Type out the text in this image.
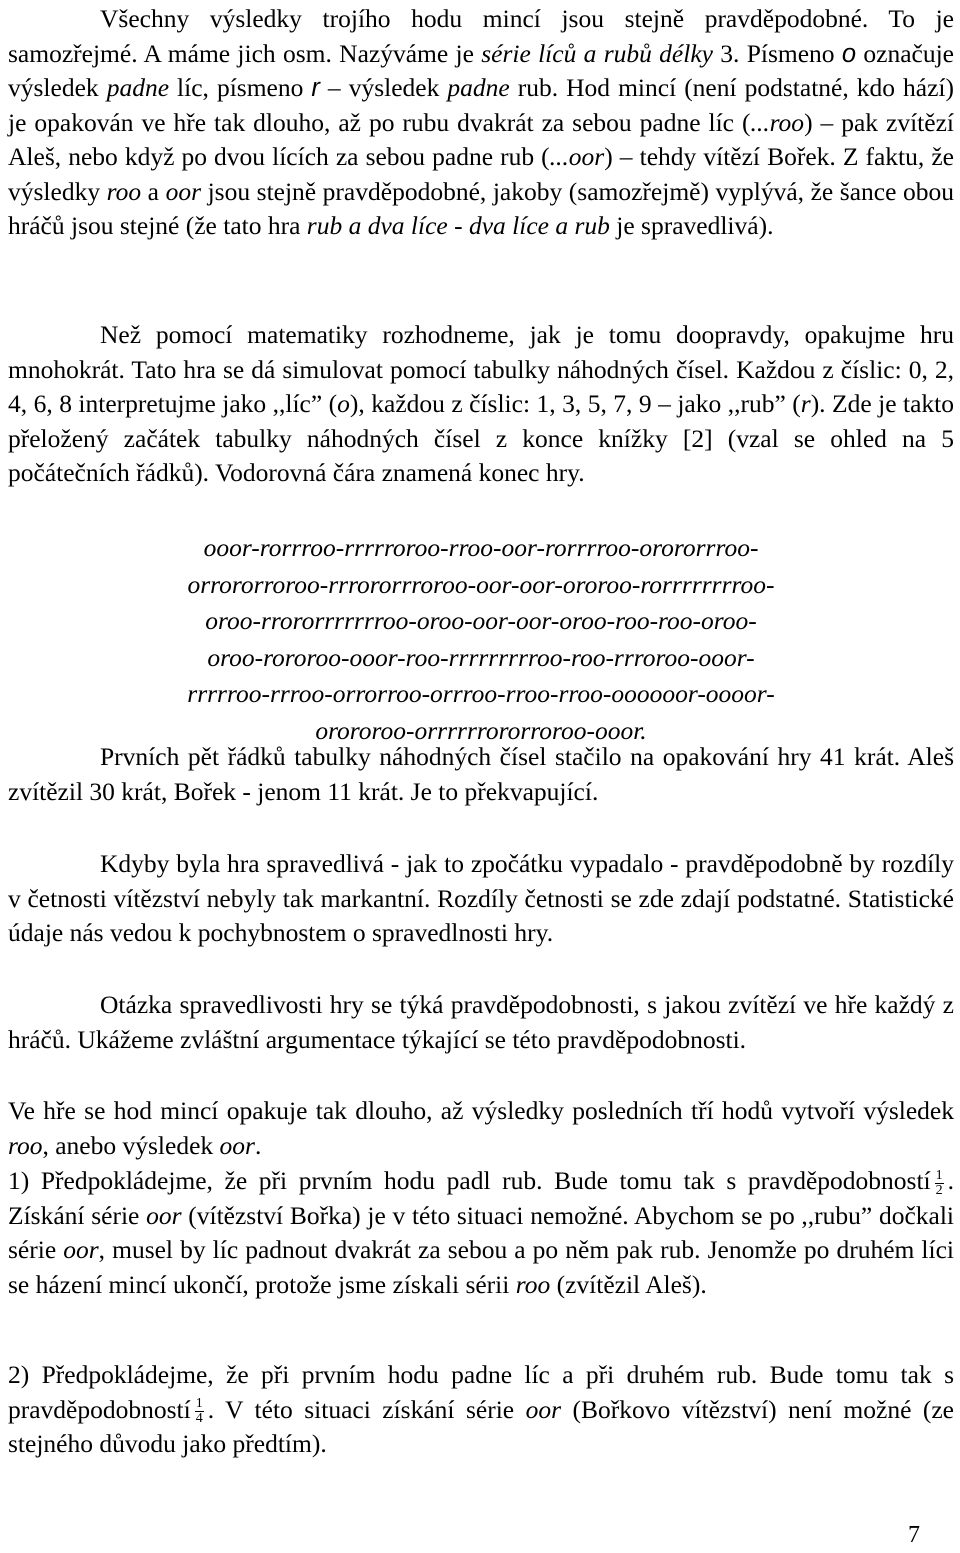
Všechny výsledky trojího hodu mincí jsou stejně pravděpodobné. To je samozřejmé. A máme jich osm. Nazýváme je série líců a rubů délky 3. Písmeno o označuje výsledek padne líc, písmeno r – výsledek padne rub. Hod mincí (není podstatné, kdo hází) je opakován ve hře tak dlouho, až po rubu dvakrát za sebou padne líc (...roo) – pak zvítězí Aleš, nebo když po dvou lících za sebou padne rub (...oor) – tehdy vítězí Bořek. Z faktu, že výsledky roo a oor jsou stejně pravděpodobné, jakoby (samozřejmě) vyplývá, že šance obou hráčů jsou stejné (že tato hra rub a dva líce - dva líce a rub je spravedlivá).

Než pomocí matematiky rozhodneme, jak je tomu doopravdy, opakujme hru mnohokrát. Tato hra se dá simulovat pomocí tabulky náhodných čísel. Každou z číslic: 0, 2, 4, 6, 8 interpretujme jako ,,líc” (o), každou z číslic: 1, 3, 5, 7, 9 – jako ,,rub” (r). Zde je takto přeložený začátek tabulky náhodných čísel z konce knížky [2] (vzal se ohled na 5 počátečních řádků). Vodorovná čára znamená konec hry.

ooor-rorrroo-rrrrroroo-rroo-oor-rorrrroo-orororrroo-
orrororroroo-rrrororrroroo-oor-oor-ororoo-rorrrrrrrroo-
oroo-rrororrrrrrroo-oroo-oor-oor-oroo-roo-roo-oroo-
oroo-rororoo-ooor-roo-rrrrrrrrroo-roo-rrroroo-ooor-
rrrrroo-rrroo-orrorroo-orrroo-rroo-rroo-oooooor-oooor-
orororoo-orrrrrrororroroo-ooor.

Prvních pět řádků tabulky náhodných čísel stačilo na opakování hry 41 krát. Aleš zvítězil 30 krát, Bořek - jenom 11 krát. Je to překvapující.

Kdyby byla hra spravedlivá - jak to zpočátku vypadalo - pravděpodobně by rozdíly v četnosti vítězství nebyly tak markantní. Rozdíly četnosti se zde zdají podstatné. Statistické údaje nás vedou k pochybnostem o spravedlnosti hry.

Otázka spravedlivosti hry se týká pravděpodobnosti, s jakou zvítězí ve hře každý z hráčů. Ukážeme zvláštní argumentace týkající se této pravděpodobnosti.

Ve hře se hod mincí opakuje tak dlouho, až výsledky posledních tří hodů vytvoří výsledek roo, anebo výsledek oor.

1) Předpokládejme, že při prvním hodu padl rub. Bude tomu tak s pravděpodobností $\frac{1}{2}$ . Získání série oor (vítězství Bořka) je v této situaci nemožné. Abychom se po ,,rubu” dočkali série oor, musel by líc padnout dvakrát za sebou a po něm pak rub. Jenomže po druhém líci se házení mincí ukončí, protože jsme získali sérii roo (zvítězil Aleš).

2) Předpokládejme, že při prvním hodu padne líc a při druhém rub. Bude tomu tak s pravděpodobností $\frac{1}{4}$ . V této situaci získání série oor (Bořkovo vítězství) není možné (ze stejného důvodu jako předtím).

7
